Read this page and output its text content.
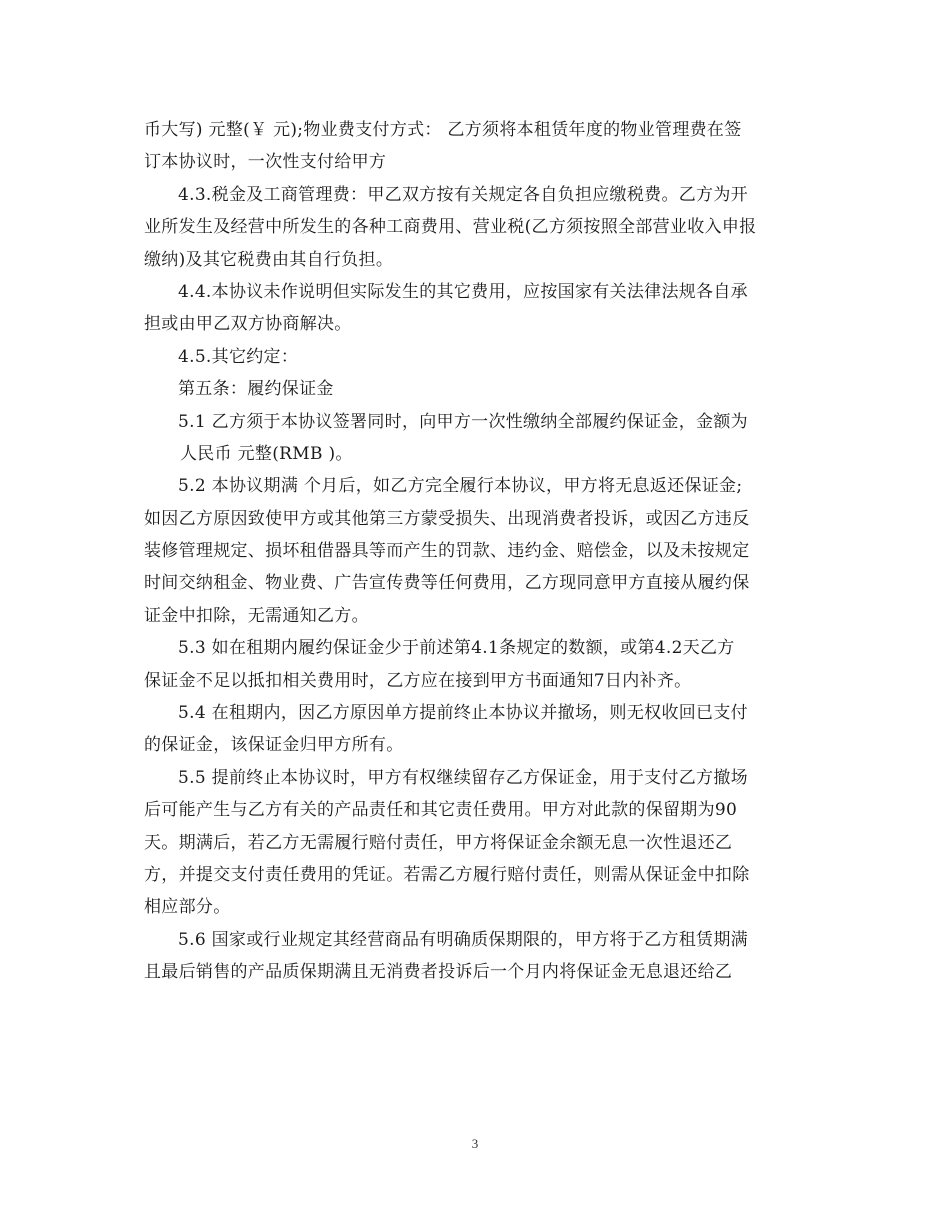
币大写) 元整(￥ 元);物业费支付方式： 乙方须将本租赁年度的物业管理费在签
订本协议时，一次性支付给甲方
4.3.税金及工商管理费：甲乙双方按有关规定各自负担应缴税费。乙方为开
业所发生及经营中所发生的各种工商费用、营业税(乙方须按照全部营业收入申报
缴纳)及其它税费由其自行负担。
4.4.本协议未作说明但实际发生的其它费用，应按国家有关法律法规各自承
担或由甲乙双方协商解决。
4.5.其它约定：
第五条：履约保证金
5.1 乙方须于本协议签署同时，向甲方一次性缴纳全部履约保证金，金额为
人民币 元整(RMB )。
5.2 本协议期满 个月后，如乙方完全履行本协议，甲方将无息返还保证金;
如因乙方原因致使甲方或其他第三方蒙受损失、出现消费者投诉，或因乙方违反
装修管理规定、损坏租借器具等而产生的罚款、违约金、赔偿金，以及未按规定
时间交纳租金、物业费、广告宣传费等任何费用，乙方现同意甲方直接从履约保
证金中扣除，无需通知乙方。
5.3 如在租期内履约保证金少于前述第4.1条规定的数额，或第4.2天乙方
保证金不足以抵扣相关费用时，乙方应在接到甲方书面通知7日内补齐。
5.4 在租期内，因乙方原因单方提前终止本协议并撤场，则无权收回已支付
的保证金，该保证金归甲方所有。
5.5 提前终止本协议时，甲方有权继续留存乙方保证金，用于支付乙方撤场
后可能产生与乙方有关的产品责任和其它责任费用。甲方对此款的保留期为90
天。期满后，若乙方无需履行赔付责任，甲方将保证金余额无息一次性退还乙
方，并提交支付责任费用的凭证。若需乙方履行赔付责任，则需从保证金中扣除
相应部分。
5.6 国家或行业规定其经营商品有明确质保期限的，甲方将于乙方租赁期满
且最后销售的产品质保期满且无消费者投诉后一个月内将保证金无息退还给乙
3
